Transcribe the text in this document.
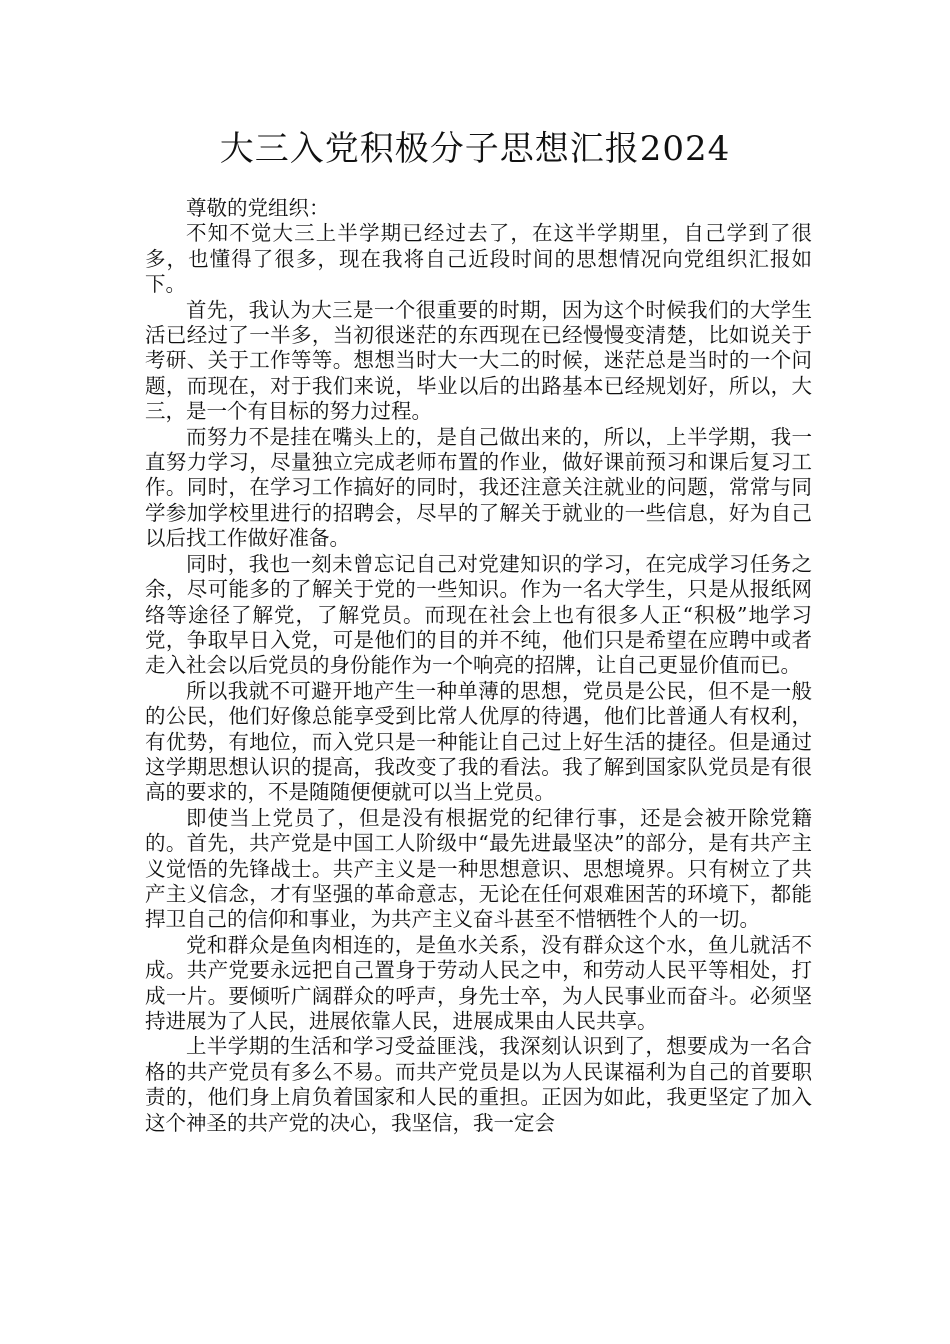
大三入党积极分子思想汇报2024

尊敬的党组织：

不知不觉大三上半学期已经过去了，在这半学期里，自己学到了很多，也懂得了很多，现在我将自己近段时间的思想情况向党组织汇报如下。

首先，我认为大三是一个很重要的时期，因为这个时候我们的大学生活已经过了一半多，当初很迷茫的东西现在已经慢慢变清楚，比如说关于考研、关于工作等等。想想当时大一大二的时候，迷茫总是当时的一个问题，而现在，对于我们来说，毕业以后的出路基本已经规划好，所以，大三，是一个有目标的努力过程。

而努力不是挂在嘴头上的，是自己做出来的，所以，上半学期，我一直努力学习，尽量独立完成老师布置的作业，做好课前预习和课后复习工作。同时，在学习工作搞好的同时，我还注意关注就业的问题，常常与同学参加学校里进行的招聘会，尽早的了解关于就业的一些信息，好为自己以后找工作做好准备。

同时，我也一刻未曾忘记自己对党建知识的学习，在完成学习任务之余，尽可能多的了解关于党的一些知识。作为一名大学生，只是从报纸网络等途径了解党，了解党员。而现在社会上也有很多人正“积极”地学习党，争取早日入党，可是他们的目的并不纯，他们只是希望在应聘中或者走入社会以后党员的身份能作为一个响亮的招牌，让自己更显价值而已。

所以我就不可避开地产生一种单薄的思想，党员是公民，但不是一般的公民，他们好像总能享受到比常人优厚的待遇，他们比普通人有权利，有优势，有地位，而入党只是一种能让自己过上好生活的捷径。但是通过这学期思想认识的提高，我改变了我的看法。我了解到国家队党员是有很高的要求的，不是随随便便就可以当上党员。

即使当上党员了，但是没有根据党的纪律行事，还是会被开除党籍的。首先，共产党是中国工人阶级中“最先进最坚决”的部分，是有共产主义觉悟的先锋战士。共产主义是一种思想意识、思想境界。只有树立了共产主义信念，才有坚强的革命意志，无论在任何艰难困苦的环境下，都能捍卫自己的信仰和事业，为共产主义奋斗甚至不惜牺牲个人的一切。

党和群众是鱼肉相连的，是鱼水关系，没有群众这个水，鱼儿就活不成。共产党要永远把自己置身于劳动人民之中，和劳动人民平等相处，打成一片。要倾听广阔群众的呼声，身先士卒，为人民事业而奋斗。必须坚持进展为了人民，进展依靠人民，进展成果由人民共享。

上半学期的生活和学习受益匪浅，我深刻认识到了，想要成为一名合格的共产党员有多么不易。而共产党员是以为人民谋福利为自己的首要职责的，他们身上肩负着国家和人民的重担。正因为如此，我更坚定了加入这个神圣的共产党的决心，我坚信，我一定会
